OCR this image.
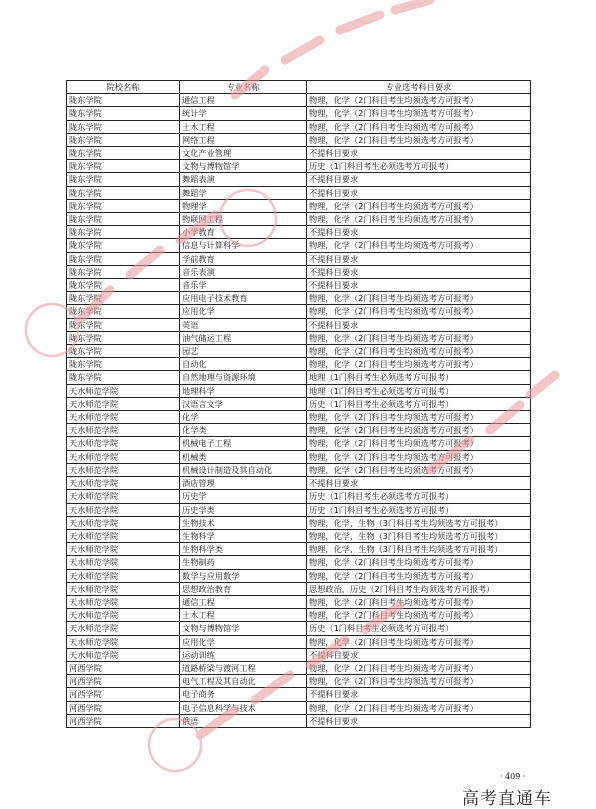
院校名称	专业名称	专业选考科目要求
陇东学院	通信工程	物理，化学（2门科目考生均须选考方可报考）
陇东学院	统计学	物理，化学（2门科目考生均须选考方可报考）
陇东学院	土木工程	物理，化学（2门科目考生均须选考方可报考）
陇东学院	网络工程	物理，化学（2门科目考生均须选考方可报考）
陇东学院	文化产业管理	不提科目要求
陇东学院	文物与博物馆学	历史（1门科目考生必须选考方可报考）
陇东学院	舞蹈表演	不提科目要求
陇东学院	舞蹈学	不提科目要求
陇东学院	物理学	物理，化学（2门科目考生均须选考方可报考）
陇东学院	物联网工程	物理，化学（2门科目考生均须选考方可报考）
陇东学院	小学教育	不提科目要求
陇东学院	信息与计算科学	物理，化学（2门科目考生均须选考方可报考）
陇东学院	学前教育	不提科目要求
陇东学院	音乐表演	不提科目要求
陇东学院	音乐学	不提科目要求
陇东学院	应用电子技术教育	物理，化学（2门科目考生均须选考方可报考）
陇东学院	应用化学	物理，化学（2门科目考生均须选考方可报考）
陇东学院	英语	不提科目要求
陇东学院	油气储运工程	物理，化学（2门科目考生均须选考方可报考）
陇东学院	园艺	物理，化学（2门科目考生均须选考方可报考）
陇东学院	自动化	物理，化学（2门科目考生均须选考方可报考）
陇东学院	自然地理与资源环境	地理（1门科目考生必须选考方可报考）
天水师范学院	地理科学	地理（1门科目考生必须选考方可报考）
天水师范学院	汉语言文学	历史（1门科目考生必须选考方可报考）
天水师范学院	化学	物理，化学（2门科目考生均须选考方可报考）
天水师范学院	化学类	物理，化学（2门科目考生均须选考方可报考）
天水师范学院	机械电子工程	物理，化学（2门科目考生均须选考方可报考）
天水师范学院	机械类	物理，化学（2门科目考生均须选考方可报考）
天水师范学院	机械设计制造及其自动化	物理，化学（2门科目考生均须选考方可报考）
天水师范学院	酒店管理	不提科目要求
天水师范学院	历史学	历史（1门科目考生必须选考方可报考）
天水师范学院	历史学类	历史（1门科目考生必须选考方可报考）
天水师范学院	生物技术	物理，化学，生物（3门科目考生均须选考方可报考）
天水师范学院	生物科学	物理，化学，生物（3门科目考生均须选考方可报考）
天水师范学院	生物科学类	物理，化学，生物（3门科目考生均须选考方可报考）
天水师范学院	生物制药	物理，化学（2门科目考生均须选考方可报考）
天水师范学院	数学与应用数学	物理，化学（2门科目考生均须选考方可报考）
天水师范学院	思想政治教育	思想政治，历史（2门科目考生均须选考方可报考）
天水师范学院	通信工程	物理，化学（2门科目考生均须选考方可报考）
天水师范学院	土木工程	物理，化学（2门科目考生均须选考方可报考）
天水师范学院	文物与博物馆学	历史（1门科目考生必须选考方可报考）
天水师范学院	应用化学	物理，化学（2门科目考生均须选考方可报考）
天水师范学院	运动训练	不提科目要求
河西学院	道路桥梁与渡河工程	物理，化学（2门科目考生均须选考方可报考）
河西学院	电气工程及其自动化	物理，化学（2门科目考生均须选考方可报考）
河西学院	电子商务	不提科目要求
河西学院	电子信息科学与技术	物理，化学（2门科目考生均须选考方可报考）
河西学院	俄语	不提科目要求
· 409 ·
高考直通车
